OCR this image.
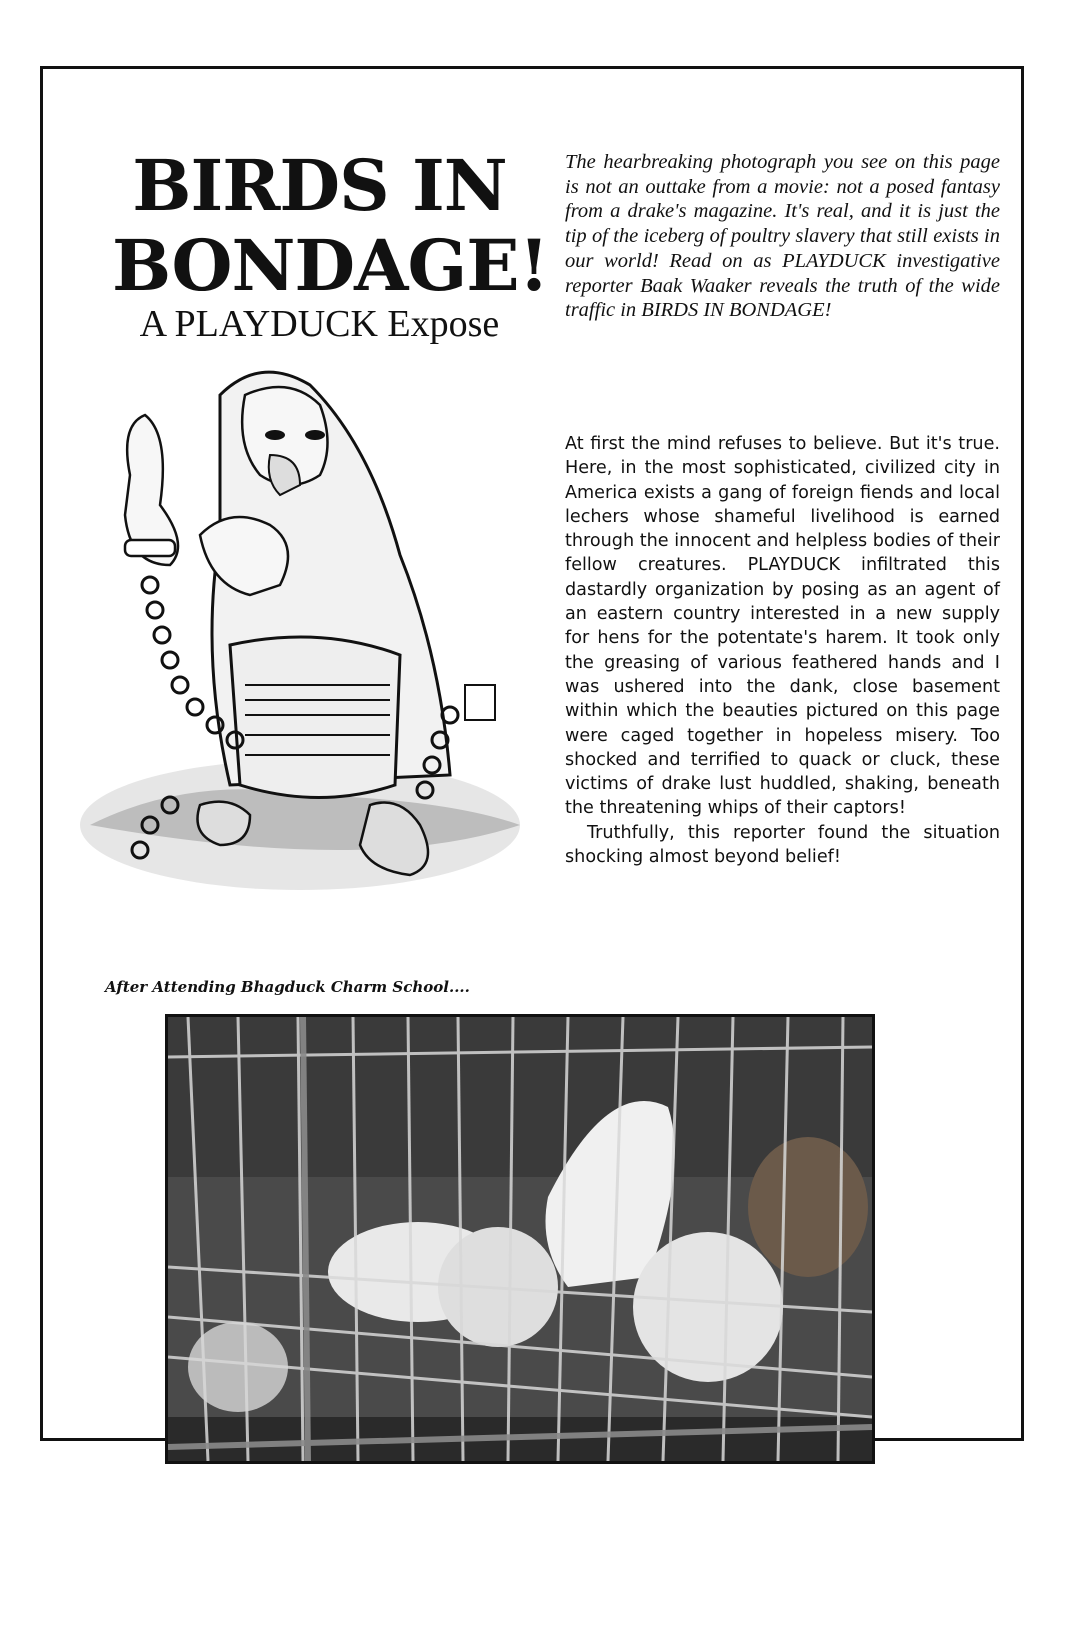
BIRDS IN
BONDAGE!
A PLAYDUCK Expose

The hearbreaking photograph you see on this page is not an outtake from a movie: not a posed fantasy from a drake's magazine. It's real, and it is just the tip of the iceberg of poultry slavery that still exists in our world! Read on as PLAYDUCK investigative reporter Baak Waaker reveals the truth of the wide traffic in BIRDS IN BONDAGE!

At first the mind refuses to believe. But it's true. Here, in the most sophisticated, civilized city in America exists a gang of foreign fiends and local lechers whose shameful livelihood is earned through the innocent and helpless bodies of their fellow creatures. PLAYDUCK infiltrated this dastardly organization by posing as an agent of an eastern country interested in a new supply for hens for the potentate's harem. It took only the greasing of various feathered hands and I was ushered into the dank, close basement within which the beauties pictured on this page were caged together in hopeless misery. Too shocked and terrified to quack or cluck, these victims of drake lust huddled, shaking, beneath the threatening whips of their captors!

Truthfully, this reporter found the situation shocking almost beyond belief!

After Attending Bhagduck Charm School....
